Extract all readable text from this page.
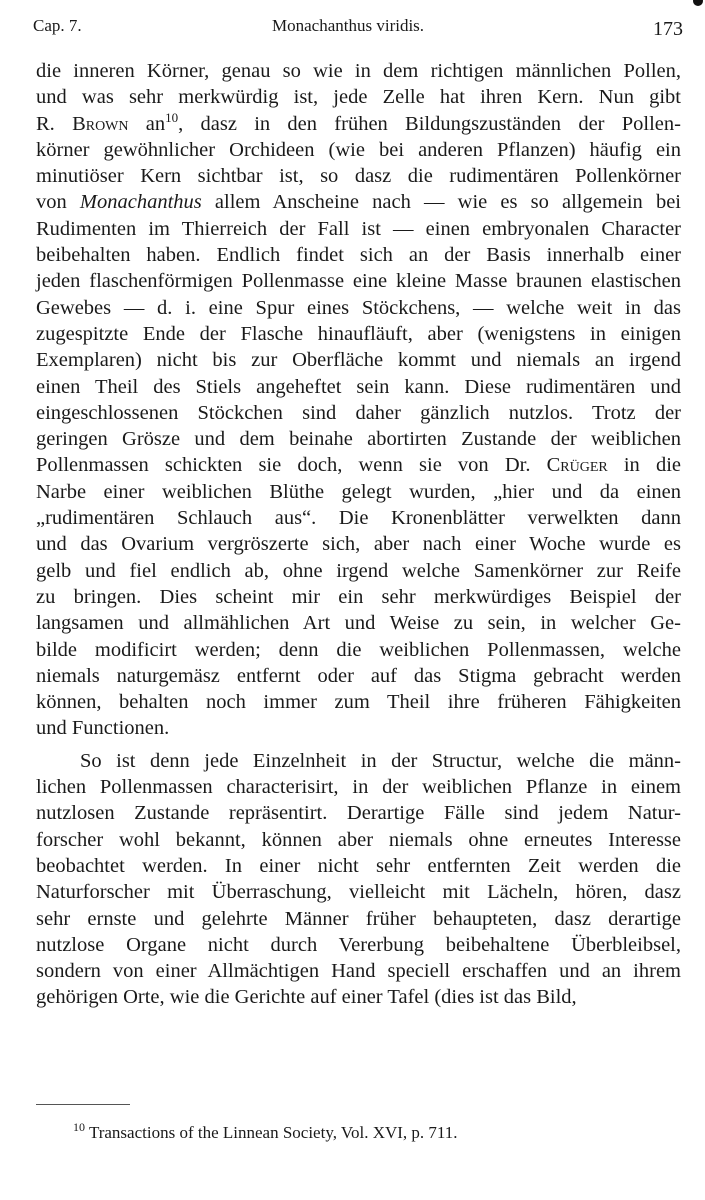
Cap. 7.	Monachanthus viridis.	173
die inneren Körner, genau so wie in dem richtigen männlichen Pollen,
und was sehr merkwürdig ist, jede Zelle hat ihren Kern. Nun gibt
R. Brown $an^{10}$, dasz in den frühen Bildungszuständen der Pollen-
körner gewöhnlicher Orchideen (wie bei anderen Pflanzen) häufig ein
minutiöser Kern sichtbar ist, so dasz die rudimentären Pollenkörner
von Monachanthus allem Anscheine nach — wie es so allgemein bei
Rudimenten im Thierreich der Fall ist — einen embryonalen Character
beibehalten haben. Endlich findet sich an der Basis innerhalb einer
jeden flaschenförmigen Pollenmasse eine kleine Masse braunen elastischen
Gewebes — d. i. eine Spur eines Stöckchens, — welche weit in das
zugespitzte Ende der Flasche hinaufläuft, aber (wenigstens in einigen
Exemplaren) nicht bis zur Oberfläche kommt und niemals an irgend
einen Theil des Stiels angeheftet sein kann. Diese rudimentären und
eingeschlossenen Stöckchen sind daher gänzlich nutzlos. Trotz der
geringen Grösze und dem beinahe abortirten Zustande der weiblichen
Pollenmassen schickten sie doch, wenn sie von Dr. Crüger in die
Narbe einer weiblichen Blüthe gelegt wurden, „hier und da einen
„rudimentären Schlauch aus“. Die Kronenblätter verwelkten dann
und das Ovarium vergröszerte sich, aber nach einer Woche wurde es
gelb und fiel endlich ab, ohne irgend welche Samenkörner zur Reife
zu bringen. Dies scheint mir ein sehr merkwürdiges Beispiel der
langsamen und allmählichen Art und Weise zu sein, in welcher Ge-
bilde modificirt werden; denn die weiblichen Pollenmassen, welche
niemals naturgemäsz entfernt oder auf das Stigma gebracht werden
können, behalten noch immer zum Theil ihre früheren Fähigkeiten
und Functionen.
So ist denn jede Einzelnheit in der Structur, welche die männ-
lichen Pollenmassen characterisirt, in der weiblichen Pflanze in einem
nutzlosen Zustande repräsentirt. Derartige Fälle sind jedem Natur-
forscher wohl bekannt, können aber niemals ohne erneutes Interesse
beobachtet werden. In einer nicht sehr entfernten Zeit werden die
Naturforscher mit Überraschung, vielleicht mit Lächeln, hören, dasz
sehr ernste und gelehrte Männer früher behaupteten, dasz derartige
nutzlose Organe nicht durch Vererbung beibehaltene Überbleibsel,
sondern von einer Allmächtigen Hand speciell erschaffen und an ihrem
gehörigen Orte, wie die Gerichte auf einer Tafel (dies ist das Bild,
$^{10}$ Transactions of the Linnean Society, Vol. XVI, p. 711.
